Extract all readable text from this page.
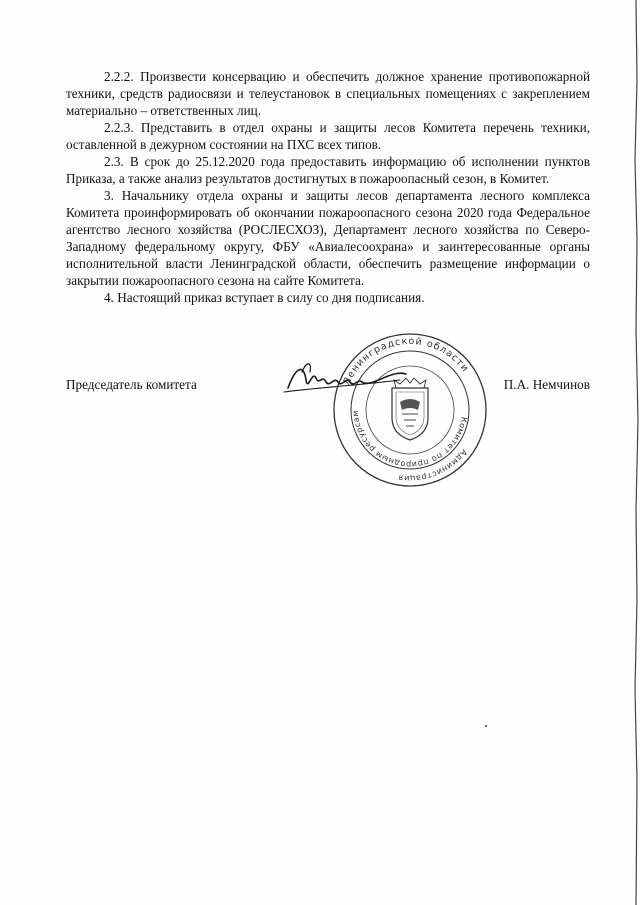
2.2.2. Произвести консервацию и обеспечить должное хранение противопожарной техники, средств радиосвязи и телеустановок в специальных помещениях с закреплением материально – ответственных лиц.

2.2.3. Представить в отдел охраны и защиты лесов Комитета перечень техники, оставленной в дежурном состоянии на ПХС всех типов.

2.3. В срок до 25.12.2020 года предоставить информацию об исполнении пунктов Приказа, а также анализ результатов достигнутых в пожароопасный сезон, в Комитет.

3. Начальнику отдела охраны и защиты лесов департамента лесного комплекса Комитета проинформировать об окончании пожароопасного сезона 2020 года Федеральное агентство лесного хозяйства (РОСЛЕСХОЗ), Департамент лесного хозяйства по Северо-Западному федеральному округу, ФБУ «Авиалесоохрана» и заинтересованные органы исполнительной власти Ленинградской области, обеспечить размещение информации о закрытии пожароопасного сезона на сайте Комитета.

4. Настоящий приказ вступает в силу со дня подписания.

Ленинградской области
Комитет по природным ресурсам
Администрация
Председатель комитета	П.А. Немчинов
